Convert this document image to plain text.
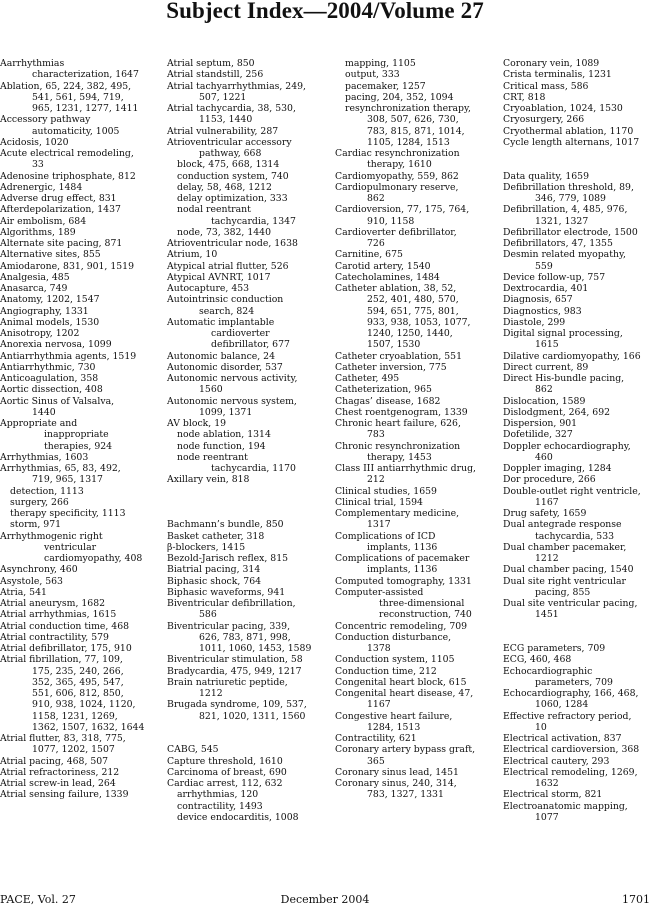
Subject Index—2004/Volume 27
Aarrhythmias
characterization, 1647
Ablation, 65, 224, 382, 495,
541, 561, 594, 719,
965, 1231, 1277, 1411
Accessory pathway
automaticity, 1005
Acidosis, 1020
Acute electrical remodeling,
33
Adenosine triphosphate, 812
Adrenergic, 1484
Adverse drug effect, 831
Afterdepolarization, 1437
Air embolism, 684
Algorithms, 189
Alternate site pacing, 871
Alternative sites, 855
Amiodarone, 831, 901, 1519
Analgesia, 485
Anasarca, 749
Anatomy, 1202, 1547
Angiography, 1331
Animal models, 1530
Anisotropy, 1202
Anorexia nervosa, 1099
Antiarrhythmia agents, 1519
Antiarrhythmic, 730
Anticoagulation, 358
Aortic dissection, 408
Aortic Sinus of Valsalva,
1440
Appropriate and
inappropriate
therapies, 924
Arrhythmias, 1603
Arrhythmias, 65, 83, 492,
719, 965, 1317
detection, 1113
surgery, 266
therapy specificity, 1113
storm, 971
Arrhythmogenic right
ventricular
cardiomyopathy, 408
Asynchrony, 460
Asystole, 563
Atria, 541
Atrial aneurysm, 1682
Atrial arrhythmias, 1615
Atrial conduction time, 468
Atrial contractility, 579
Atrial defibrillator, 175, 910
Atrial fibrillation, 77, 109,
175, 235, 240, 266,
352, 365, 495, 547,
551, 606, 812, 850,
910, 938, 1024, 1120,
1158, 1231, 1269,
1362, 1507, 1632, 1644
Atrial flutter, 83, 318, 775,
1077, 1202, 1507
Atrial pacing, 468, 507
Atrial refractoriness, 212
Atrial screw-in lead, 264
Atrial sensing failure, 1339
Atrial septum, 850
Atrial standstill, 256
Atrial tachyarrhythmias, 249,
507, 1221
Atrial tachycardia, 38, 530,
1153, 1440
Atrial vulnerability, 287
Atrioventricular accessory
pathway, 668
block, 475, 668, 1314
conduction system, 740
delay, 58, 468, 1212
delay optimization, 333
nodal reentrant
tachycardia, 1347
node, 73, 382, 1440
Atrioventricular node, 1638
Atrium, 10
Atypical atrial flutter, 526
Atypical AVNRT, 1017
Autocapture, 453
Autointrinsic conduction
search, 824
Automatic implantable
cardioverter
defibrillator, 677
Autonomic balance, 24
Autonomic disorder, 537
Autonomic nervous activity,
1560
Autonomic nervous system,
1099, 1371
AV block, 19
node ablation, 1314
node function, 194
node reentrant
tachycardia, 1170
Axillary vein, 818
Bachmann’s bundle, 850
Basket catheter, 318
β-blockers, 1415
Bezold-Jarisch reflex, 815
Biatrial pacing, 314
Biphasic shock, 764
Biphasic waveforms, 941
Biventricular defibrillation,
586
Biventricular pacing, 339,
626, 783, 871, 998,
1011, 1060, 1453, 1589
Biventricular stimulation, 58
Bradycardia, 475, 949, 1217
Brain natriuretic peptide,
1212
Brugada syndrome, 109, 537,
821, 1020, 1311, 1560
CABG, 545
Capture threshold, 1610
Carcinoma of breast, 690
Cardiac arrest, 112, 632
arrhythmias, 120
contractility, 1493
device endocarditis, 1008
mapping, 1105
output, 333
pacemaker, 1257
pacing, 204, 352, 1094
resynchronization therapy,
308, 507, 626, 730,
783, 815, 871, 1014,
1105, 1284, 1513
Cardiac resynchronization
therapy, 1610
Cardiomyopathy, 559, 862
Cardiopulmonary reserve,
862
Cardioversion, 77, 175, 764,
910, 1158
Cardioverter defibrillator,
726
Carnitine, 675
Carotid artery, 1540
Catecholamines, 1484
Catheter ablation, 38, 52,
252, 401, 480, 570,
594, 651, 775, 801,
933, 938, 1053, 1077,
1240, 1250, 1440,
1507, 1530
Catheter cryoablation, 551
Catheter inversion, 775
Catheter, 495
Catheterization, 965
Chagas’ disease, 1682
Chest roentgenogram, 1339
Chronic heart failure, 626,
783
Chronic resynchronization
therapy, 1453
Class III antiarrhythmic drug,
212
Clinical studies, 1659
Clinical trial, 1594
Complementary medicine,
1317
Complications of ICD
implants, 1136
Complications of pacemaker
implants, 1136
Computed tomography, 1331
Computer-assisted
three-dimensional
reconstruction, 740
Concentric remodeling, 709
Conduction disturbance,
1378
Conduction system, 1105
Conduction time, 212
Congenital heart block, 615
Congenital heart disease, 47,
1167
Congestive heart failure,
1284, 1513
Contractility, 621
Coronary artery bypass graft,
365
Coronary sinus lead, 1451
Coronary sinus, 240, 314,
783, 1327, 1331
Coronary vein, 1089
Crista terminalis, 1231
Critical mass, 586
CRT, 818
Cryoablation, 1024, 1530
Cryosurgery, 266
Cryothermal ablation, 1170
Cycle length alternans, 1017
Data quality, 1659
Defibrillation threshold, 89,
346, 779, 1089
Defibrillation, 4, 485, 976,
1321, 1327
Defibrillator electrode, 1500
Defibrillators, 47, 1355
Desmin related myopathy,
559
Device follow-up, 757
Dextrocardia, 401
Diagnosis, 657
Diagnostics, 983
Diastole, 299
Digital signal processing,
1615
Dilative cardiomyopathy, 166
Direct current, 89
Direct His-bundle pacing,
862
Dislocation, 1589
Dislodgment, 264, 692
Dispersion, 901
Dofetilide, 327
Doppler echocardiography,
460
Doppler imaging, 1284
Dor procedure, 266
Double-outlet right ventricle,
1167
Drug safety, 1659
Dual antegrade response
tachycardia, 533
Dual chamber pacemaker,
1212
Dual chamber pacing, 1540
Dual site right ventricular
pacing, 855
Dual site ventricular pacing,
1451
ECG parameters, 709
ECG, 460, 468
Echocardiographic
parameters, 709
Echocardiography, 166, 468,
1060, 1284
Effective refractory period,
10
Electrical activation, 837
Electrical cardioversion, 368
Electrical cautery, 293
Electrical remodeling, 1269,
1632
Electrical storm, 821
Electroanatomic mapping,
1077
PACE, Vol. 27	December 2004	1701
